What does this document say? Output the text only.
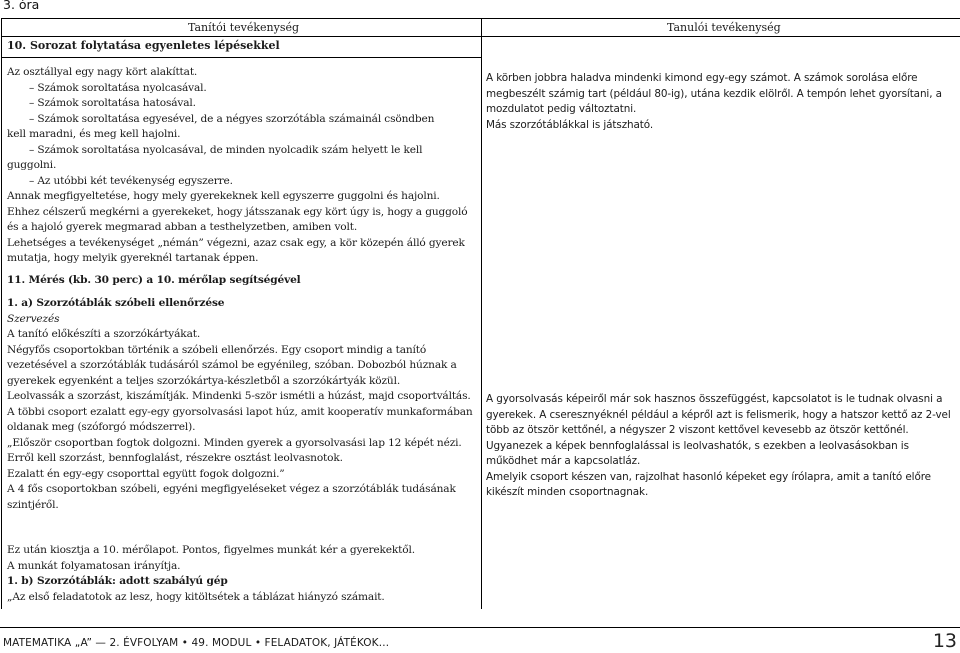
3. óra
Tanítói tevékenység	Tanulói tevékenység
10. Sorozat folytatása egyenletes lépésekkel

Az osztállyal egy nagy kört alakíttat.

– Számok soroltatása nyolcasával.

– Számok soroltatása hatosával.

– Számok soroltatása egyesével, de a négyes szorzótábla számainál csöndben

kell maradni, és meg kell hajolni.

– Számok soroltatása nyolcasával, de minden nyolcadik szám helyett le kell

guggolni.

– Az utóbbi két tevékenység egyszerre.

Annak megfigyeltetése, hogy mely gyerekeknek kell egyszerre guggolni és hajolni.

Ehhez célszerű megkérni a gyerekeket, hogy játsszanak egy kört úgy is, hogy a guggoló és a hajoló gyerek megmarad abban a testhelyzetben, amiben volt.

Lehetséges a tevékenységet „némán” végezni, azaz csak egy, a kör közepén álló gyerek mutatja, hogy melyik gyereknél tartanak éppen.

11. Mérés (kb. 30 perc) a 10. mérőlap segítségével

1. a) Szorzótáblák szóbeli ellenőrzése

Szervezés

A tanító előkészíti a szorzókártyákat.

Négyfős csoportokban történik a szóbeli ellenőrzés. Egy csoport mindig a tanító vezetésével a szorzótáblák tudásáról számol be egyénileg, szóban. Dobozból húznak a gyerekek egyenként a teljes szorzókártya-készletből a szorzókártyák közül.

Leolvassák a szorzást, kiszámítják. Mindenki 5-ször ismétli a húzást, majd csoportváltás.

A többi csoport ezalatt egy-egy gyorsolvasási lapot húz, amit kooperatív munkaformában oldanak meg (szóforgó módszerrel).

„Először csoportban fogtok dolgozni. Minden gyerek a gyorsolvasási lap 12 képét nézi. Erről kell szorzást, bennfoglalást, részekre osztást leolvasnotok.

Ezalatt én egy-egy csoporttal együtt fogok dolgozni.”

A 4 fős csoportokban szóbeli, egyéni megfigyeléseket végez a szorzótáblák tudásának szintjéről.

Ez után kiosztja a 10. mérőlapot. Pontos, figyelmes munkát kér a gyerekektől.

A munkát folyamatosan irányítja.

1. b) Szorzótáblák: adott szabályú gép

„Az első feladatotok az lesz, hogy kitöltsétek a táblázat hiányzó számait.

A körben jobbra haladva mindenki kimond egy-egy számot. A számok sorolása előre megbeszélt számig tart (például 80-ig), utána kezdik elölről. A tempón lehet gyorsítani, a mozdulatot pedig változtatni.

Más szorzótáblákkal is játszható.

A gyorsolvasás képeiről már sok hasznos összefüggést, kapcsolatot is le tudnak olvasni a gyerekek. A cseresznyéknél például a képről azt is felismerik, hogy a hatszor kettő az 2-vel több az ötször kettőnél, a négyszer 2 viszont kettővel kevesebb az ötször kettőnél.

Ugyanezek a képek bennfoglalással is leolvashatók, s ezekben a leolvasásokban is működhet már a kapcsolatláz.

Amelyik csoport készen van, rajzolhat hasonló képeket egy írólapra, amit a tanító előre kikészít minden csoportnagnak.

MATEMATIKA „A” — 2. ÉVFOLYAM • 49. MODUL • FELADATOK, JÁTÉKOK…	13
